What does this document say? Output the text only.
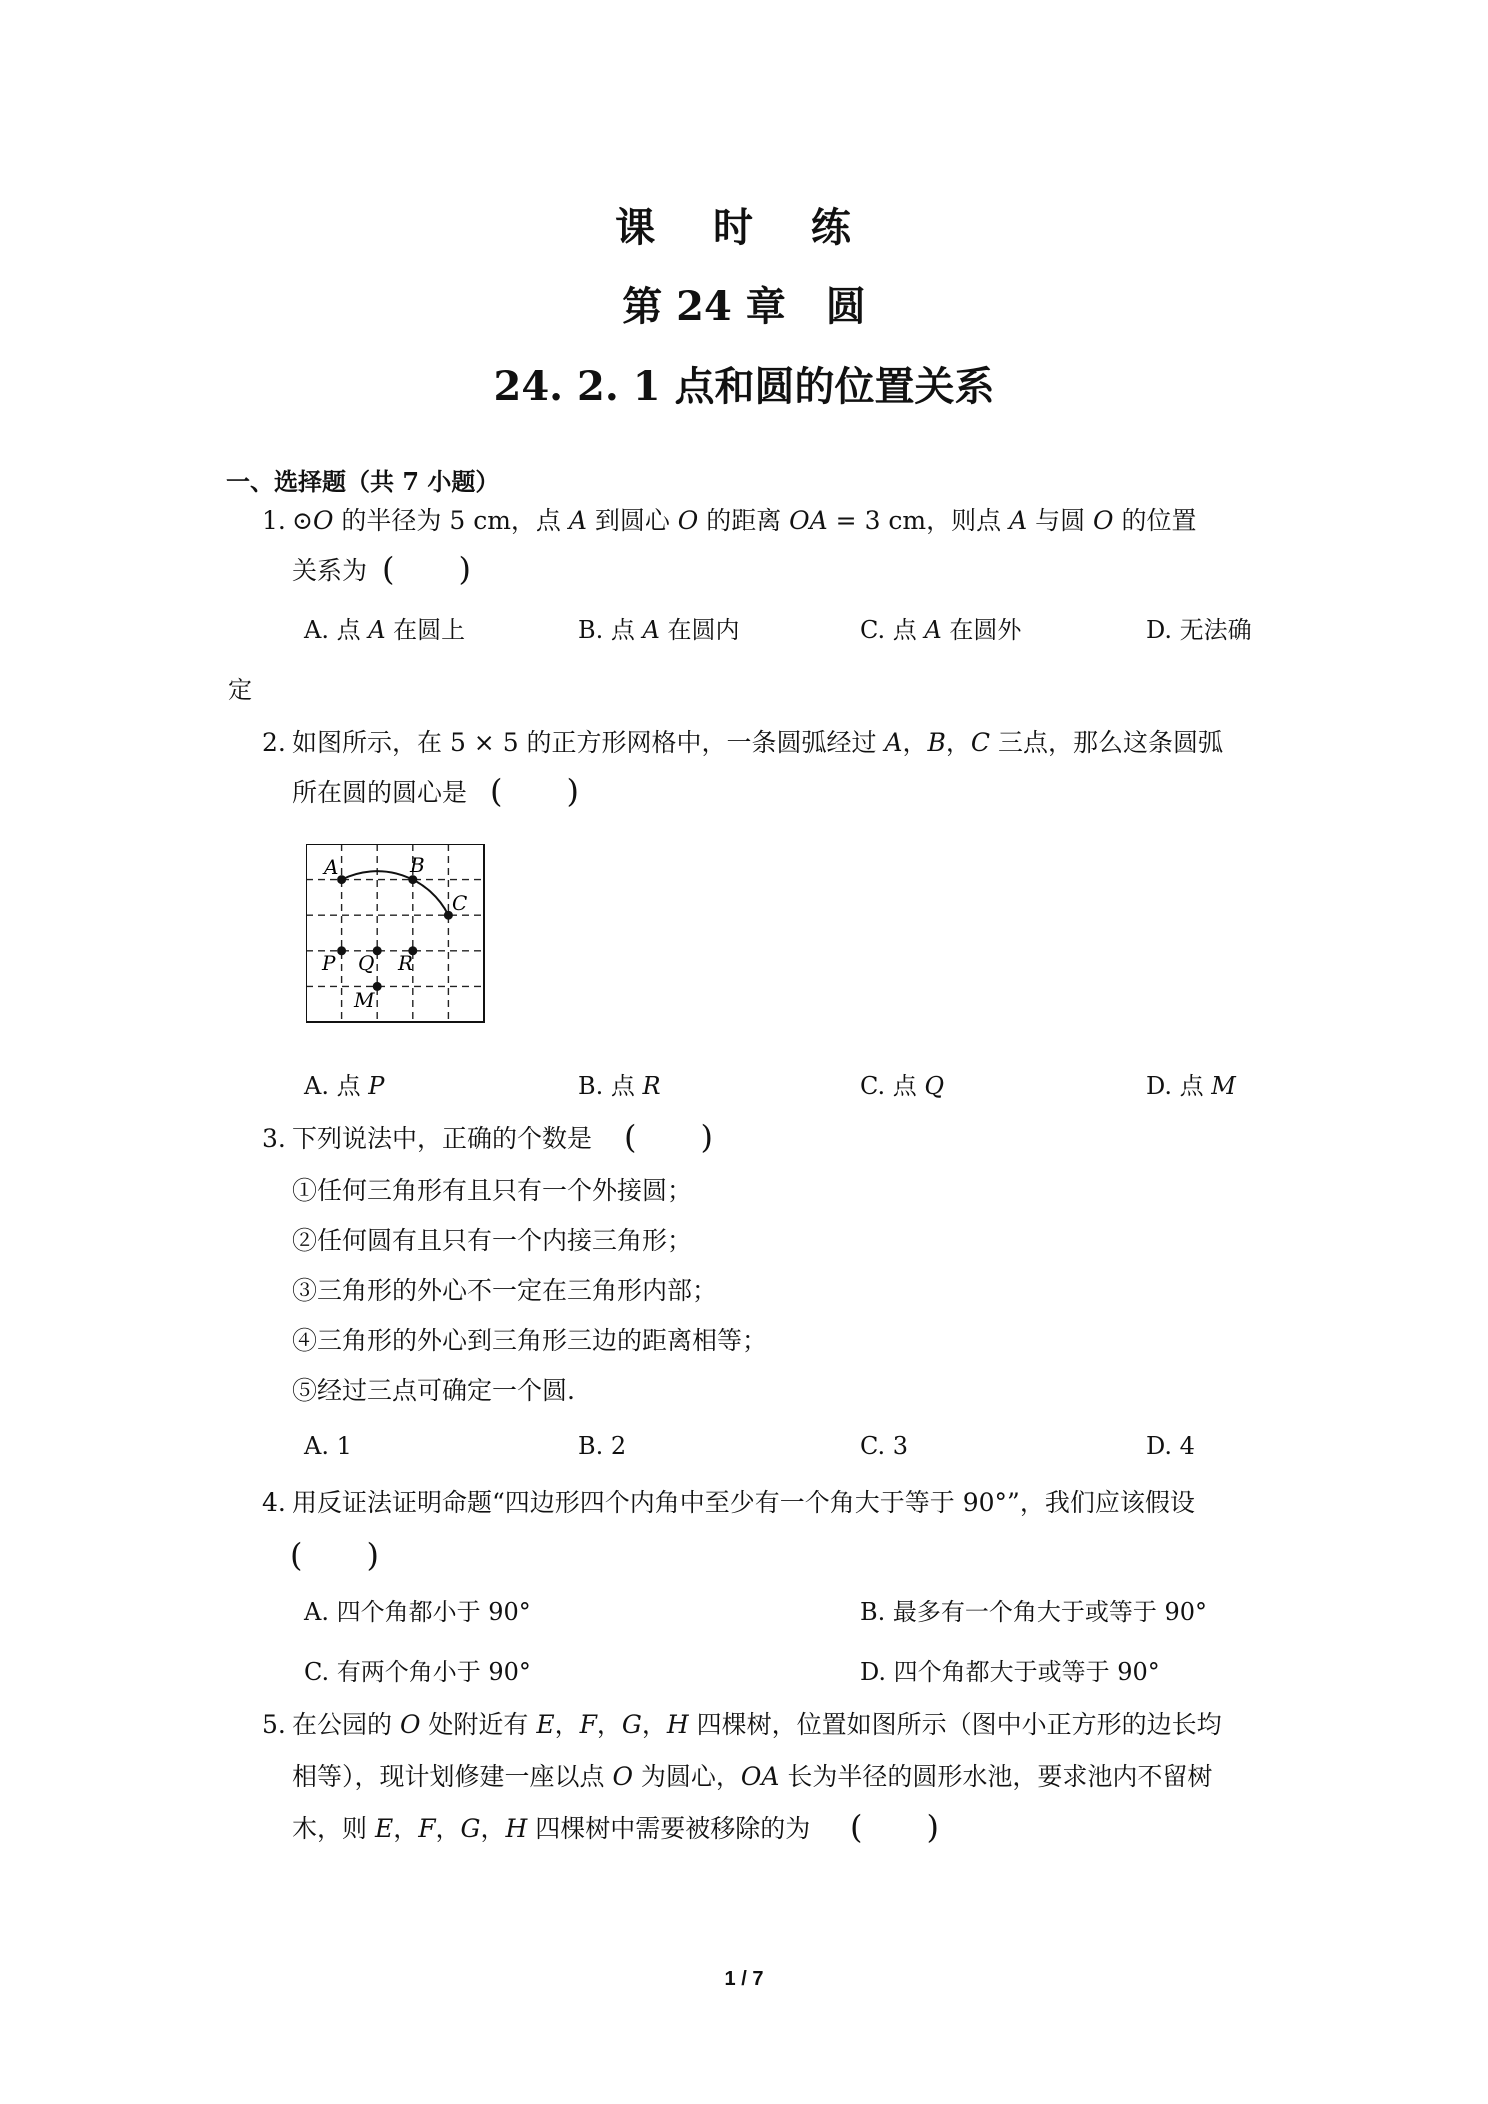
课 时 练
第 24 章　圆
24. 2. 1 点和圆的位置关系
一、选择题（共 7 小题）
1. ⊙𝑂 的半径为 5 cm，点 𝐴 到圆心 𝑂 的距离 𝑂𝐴 = 3 cm，则点 𝐴 与圆 𝑂 的位置
关系为 (　　)
A. 点 𝐴 在圆上	B. 点 𝐴 在圆内	C. 点 𝐴 在圆外	D. 无法确
定
2. 如图所示，在 5 × 5 的正方形网格中，一条圆弧经过 𝐴，𝐵，𝐶 三点，那么这条圆弧
所在圆的圆心是 (　　)
A	B
C
P Q R
M
A. 点 𝑃	B. 点 𝑅	C. 点 𝑄	D. 点 𝑀
3. 下列说法中，正确的个数是 (　　)
①任何三角形有且只有一个外接圆；
②任何圆有且只有一个内接三角形；
③三角形的外心不一定在三角形内部；
④三角形的外心到三角形三边的距离相等；
⑤经过三点可确定一个圆.
A. 1	B. 2	C. 3	D. 4
4. 用反证法证明命题“四边形四个内角中至少有一个角大于等于 90°”，我们应该假设
(　　)
A. 四个角都小于 90°	B. 最多有一个角大于或等于 90°
C. 有两个角小于 90°	D. 四个角都大于或等于 90°
5. 在公园的 𝑂 处附近有 𝐸，𝐹，𝐺，𝐻 四棵树，位置如图所示（图中小正方形的边长均
相等），现计划修建一座以点 𝑂 为圆心，𝑂𝐴 长为半径的圆形水池，要求池内不留树
木，则 𝐸，𝐹，𝐺，𝐻 四棵树中需要被移除的为 (　　)
1 / 7
